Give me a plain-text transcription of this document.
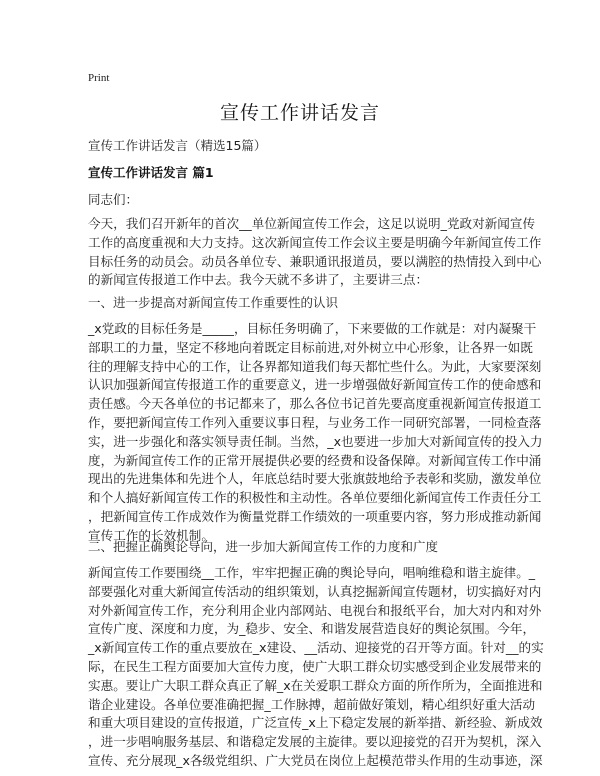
Print
宣传工作讲话发言
宣传工作讲话发言（精选15篇）
宣传工作讲话发言 篇1
同志们：
今天，我们召开新年的首次__单位新闻宣传工作会，这足以说明_党政对新闻宣传
工作的高度重视和大力支持。这次新闻宣传工作会议主要是明确今年新闻宣传工作
目标任务的动员会。动员各单位专、兼职通讯报道员，要以满腔的热情投入到中心
的新闻宣传报道工作中去。我今天就不多讲了，主要讲三点：
一、进一步提高对新闻宣传工作重要性的认识
_x党政的目标任务是_____，目标任务明确了，下来要做的工作就是：对内凝聚干
部职工的力量，坚定不移地向着既定目标前进,对外树立中心形象，让各界一如既
往的理解支持中心的工作，让各界都知道我们每天都忙些什么。为此，大家要深刻
认识加强新闻宣传报道工作的重要意义，进一步增强做好新闻宣传工作的使命感和
责任感。今天各单位的书记都来了，那么各位书记首先要高度重视新闻宣传报道工
作，要把新闻宣传工作列入重要议事日程，与业务工作一同研究部署，一同检查落
实，进一步强化和落实领导责任制。当然，_x也要进一步加大对新闻宣传的投入力
度，为新闻宣传工作的正常开展提供必要的经费和设备保障。对新闻宣传工作中涌
现出的先进集体和先进个人，年底总结时要大张旗鼓地给予表彰和奖励，激发单位
和个人搞好新闻宣传工作的积极性和主动性。各单位要细化新闻宣传工作责任分工
，把新闻宣传工作成效作为衡量党群工作绩效的一项重要内容，努力形成推动新闻
宣传工作的长效机制。
二、把握正确舆论导向，进一步加大新闻宣传工作的力度和广度
新闻宣传工作要围绕__工作，牢牢把握正确的舆论导向，唱响维稳和谐主旋律。_
部要强化对重大新闻宣传活动的组织策划，认真挖掘新闻宣传题材，切实搞好对内
对外新闻宣传工作，充分利用企业内部网站、电视台和报纸平台，加大对内和对外
宣传广度、深度和力度，为_稳步、安全、和谐发展营造良好的舆论氛围。今年，
_x新闻宣传工作的重点要放在_x建设、__活动、迎接党的召开等方面。针对__的实
际，在民生工程方面要加大宣传力度，使广大职工群众切实感受到企业发展带来的
实惠。要让广大职工群众真正了解_x在关爱职工群众方面的所作所为，全面推进和
谐企业建设。各单位要准确把握_工作脉搏，超前做好策划，精心组织好重大活动
和重大项目建设的宣传报道，广泛宣传_x上下稳定发展的新举措、新经验、新成效
，进一步唱响服务基层、和谐稳定发展的主旋律。要以迎接党的召开为契机，深入
宣传、充分展现_x各级党组织、广大党员在岗位上起模范带头作用的生动事迹，深
